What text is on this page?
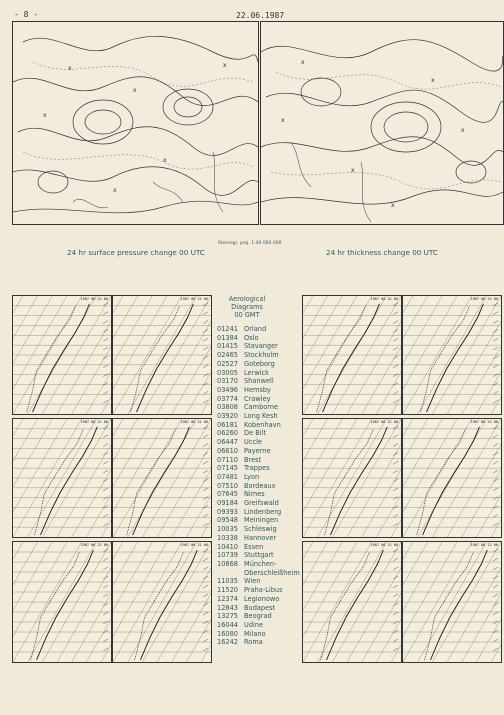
- 8 -	22.06.1987
x
x
x
x
x
x
x
x
x
x
x
x
Stereogr. proj. 1:40 000 000
24 hr surface pressure change 00 UTC	24 hr thickness change 00 UTC
1987 06 22 00	1987 06 22 00
1987 06 22 00	1987 06 22 00
1987 06 22 00	1987 06 22 00
1987 06 22 00	1987 06 22 00
1987 06 22 00	1987 06 22 00
1987 06 22 00	1987 06 22 00
Aerological
Diagrams
00 GMT
01241 Orland
01384 Oslo
01415 Stavanger
02465 Stockholm
02527 Goteborg
03005 Lerwick
03170 Shanwell
03496 Hemsby
03774 Crawley
03808 Camborne
03920 Long Kesh
06181 Kobenhavn
06260 De Bilt
06447 Uccle
06610 Payerne
07110 Brest
07145 Trappes
07481 Lyon
07510 Bordeaux
07645 Nimes
09184 Greifswald
09393 Lindenberg
09548 Meiningen
10035 Schleswig
10338 Hannover
10410 Essen
10739 Stuttgart
10868 München-
Oberschleißheim
11035 Wien
11520 Praha-Libus
12374 Legionowo
12843 Budapest
13275 Beograd
16044 Udine
16080 Milano
16242 Roma
